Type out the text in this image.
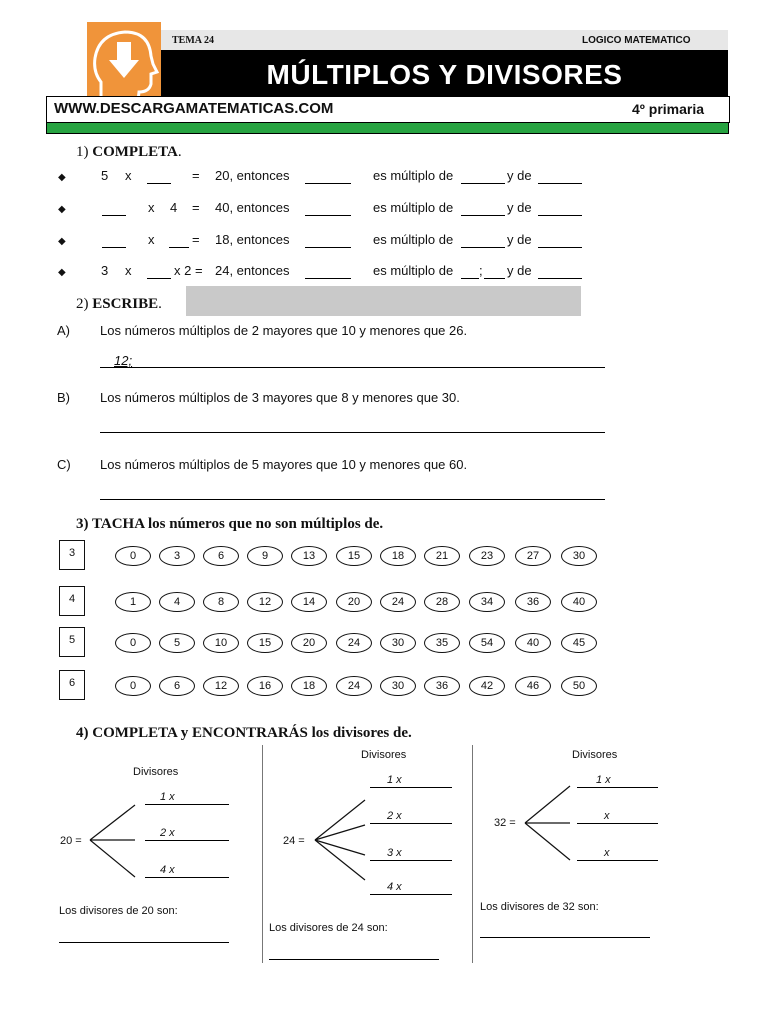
TEMA 24	LOGICO MATEMATICO
MÚLTIPLOS Y DIVISORES
WWW.DESCARGAMATEMATICAS.COM	4º primaria
1) COMPLETA.
◆	5 x	= 20, entonces	es múltiplo de	y de
◆	x 4 = 40, entonces	es múltiplo de	y de
◆	x	= 18, entonces	es múltiplo de	y de
◆	3 x	x 2 = 24, entonces	es múltiplo de ; y de
2) ESCRIBE.
A) Los números múltiplos de 2 mayores que 10 y menores que 26.
12;
B) Los números múltiplos de 3 mayores que 8 y menores que 30.
C) Los números múltiplos de 5 mayores que 10 y menores que 60.
3) TACHA los números que no son múltiplos de.
3	0	3	6	9	13	15	18	21	23	27	30
4	1	4	8	12	14	20	24	28	34	36	40
5	0	5	10	15	20	24	30	35	54	40	45
6	0	6	12	16	18	24	30	36	42	46	50
4) COMPLETA y ENCONTRARÁS los divisores de.
Divisores
20 =
1 x
2 x
4 x
Los divisores de 20 son:
Divisores
24 =
1 x
2 x
3 x
4 x
Los divisores de 24 son:
Divisores
32 =
1 x
x
x
Los divisores de 32 son:
